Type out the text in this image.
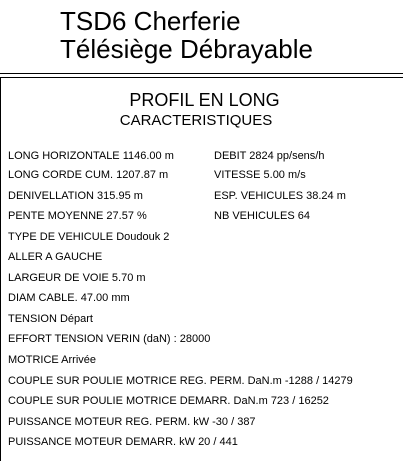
TSD6 Cherferie
Télésiège Débrayable
PROFIL EN LONG
CARACTERISTIQUES
LONG HORIZONTALE 1146.00 m	DEBIT 2824 pp/sens/h
LONG CORDE CUM. 1207.87 m	VITESSE 5.00 m/s
DENIVELLATION 315.95 m	ESP. VEHICULES 38.24 m
PENTE MOYENNE 27.57 %	NB VEHICULES 64
TYPE DE VEHICULE Doudouk 2
ALLER A GAUCHE
LARGEUR DE VOIE 5.70 m
DIAM CABLE. 47.00 mm
TENSION Départ
EFFORT TENSION VERIN (daN) : 28000
MOTRICE Arrivée
COUPLE SUR POULIE MOTRICE REG. PERM. DaN.m -1288 / 14279
COUPLE SUR POULIE MOTRICE DEMARR. DaN.m 723 / 16252
PUISSANCE MOTEUR REG. PERM. kW -30 / 387
PUISSANCE MOTEUR DEMARR. kW 20 / 441
